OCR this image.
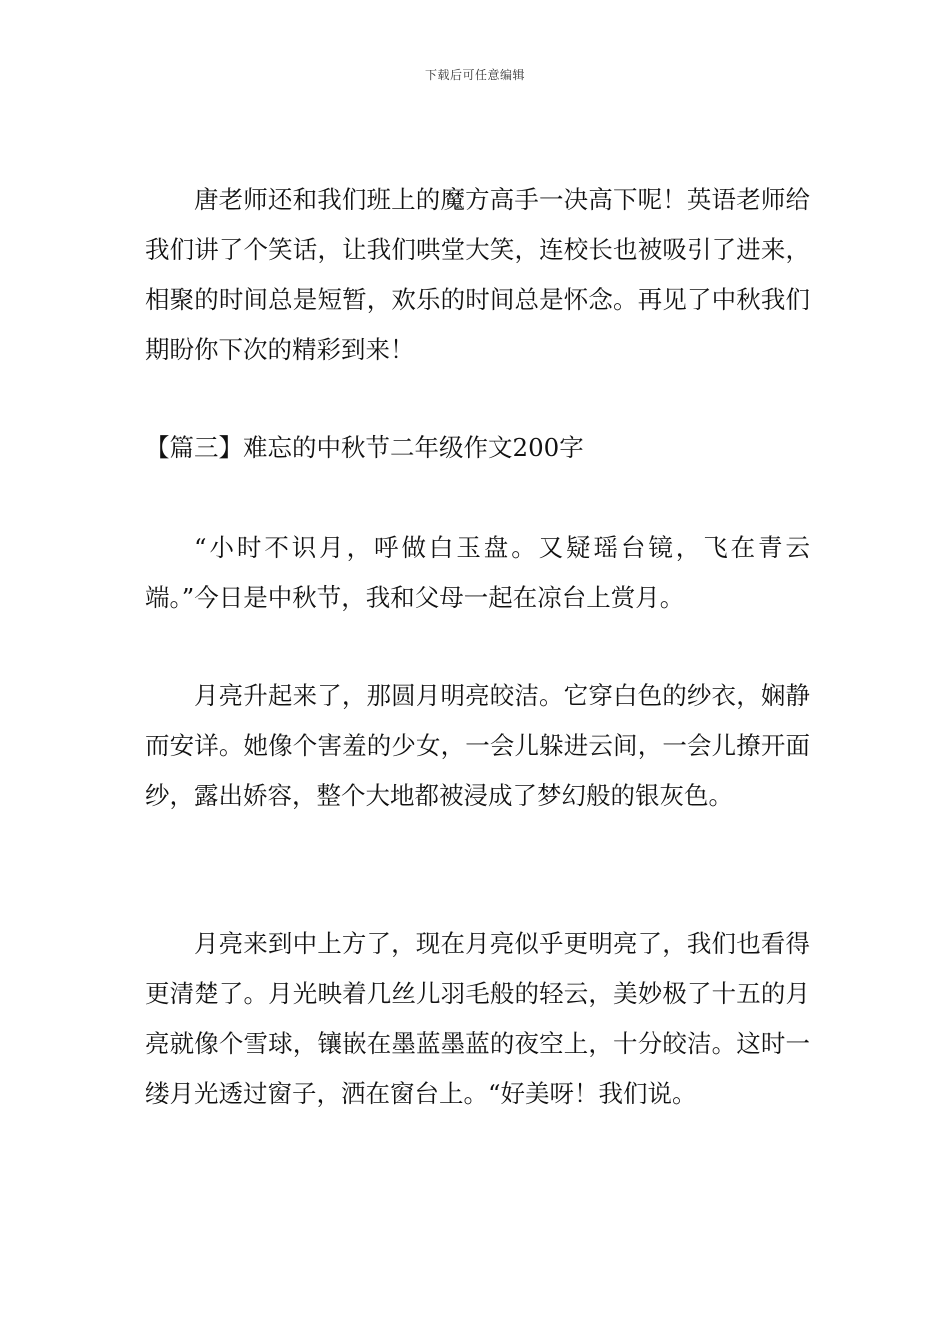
下载后可任意编辑

唐老师还和我们班上的魔方高手一决高下呢！英语老师给我们讲了个笑话，让我们哄堂大笑，连校长也被吸引了进来，相聚的时间总是短暂，欢乐的时间总是怀念。再见了中秋我们期盼你下次的精彩到来！

【篇三】难忘的中秋节二年级作文200字

“小时不识月，呼做白玉盘。又疑瑶台镜，飞在青云端。”今日是中秋节，我和父母一起在凉台上赏月。

月亮升起来了，那圆月明亮皎洁。它穿白色的纱衣，娴静而安详。她像个害羞的少女，一会儿躲进云间，一会儿撩开面纱，露出娇容，整个大地都被浸成了梦幻般的银灰色。

月亮来到中上方了，现在月亮似乎更明亮了，我们也看得更清楚了。月光映着几丝儿羽毛般的轻云，美妙极了十五的月亮就像个雪球，镶嵌在墨蓝墨蓝的夜空上，十分皎洁。这时一缕月光透过窗子，洒在窗台上。“好美呀！我们说。
